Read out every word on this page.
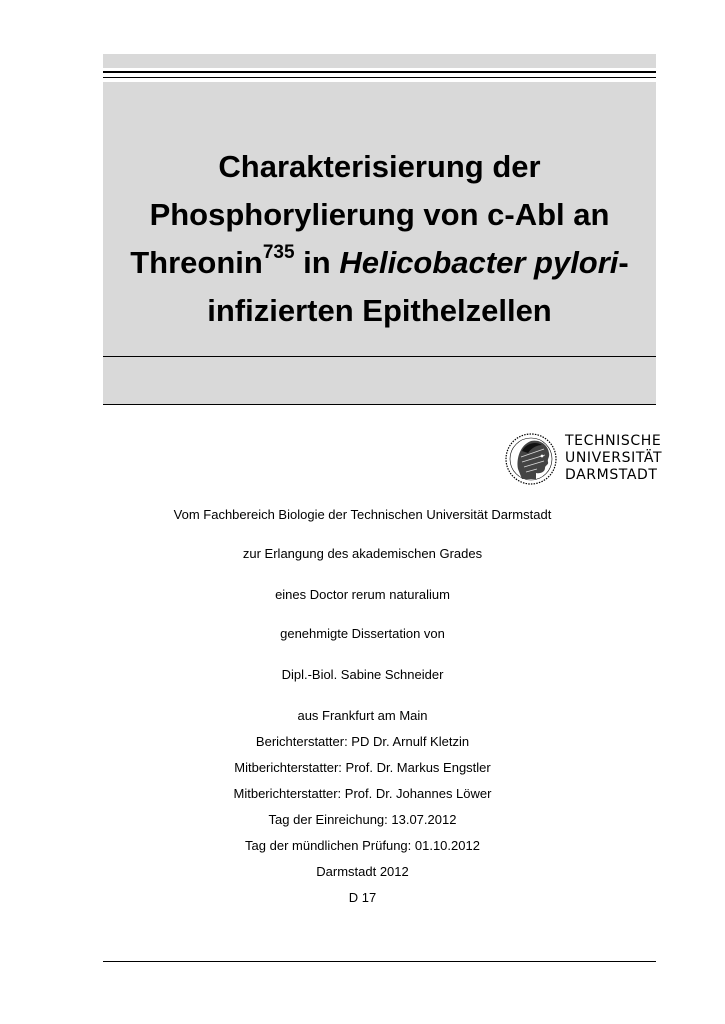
Charakterisierung der
Phosphorylierung von c-Abl an
Threonin$^{735}$ in Helicobacter pylori-
infizierten Epithelzellen
TECHNISCHE
UNIVERSITÄT
DARMSTADT
Vom Fachbereich Biologie der Technischen Universität Darmstadt
zur Erlangung des akademischen Grades
eines Doctor rerum naturalium
genehmigte Dissertation von
Dipl.-Biol. Sabine Schneider
aus Frankfurt am Main
Berichterstatter: PD Dr. Arnulf Kletzin
Mitberichterstatter: Prof. Dr. Markus Engstler
Mitberichterstatter: Prof. Dr. Johannes Löwer
Tag der Einreichung: 13.07.2012
Tag der mündlichen Prüfung: 01.10.2012
Darmstadt 2012
D 17
